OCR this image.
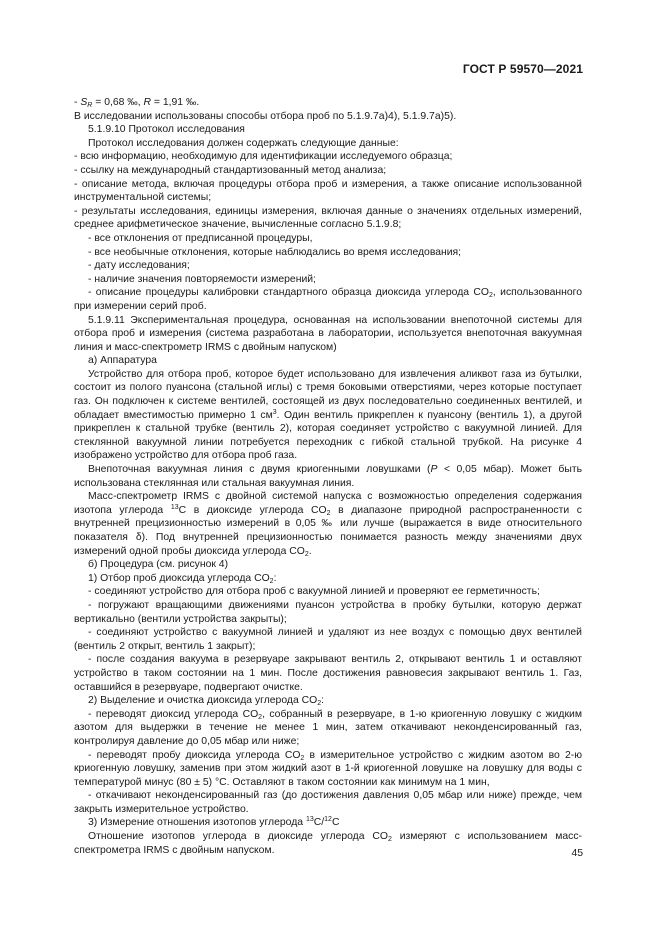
ГОСТ Р 59570—2021

- $S_R = 0,68$ ‰, R = 1,91 ‰.

В исследовании использованы способы отбора проб по 5.1.9.7а)4), 5.1.9.7а)5).

5.1.9.10 Протокол исследования

Протокол исследования должен содержать следующие данные:

- всю информацию, необходимую для идентификации исследуемого образца;

- ссылку на международный стандартизованный метод анализа;

- описание метода, включая процедуры отбора проб и измерения, а также описание использованной инструментальной системы;

- результаты исследования, единицы измерения, включая данные о значениях отдельных измерений, среднее арифметическое значение, вычисленные согласно 5.1.9.8;

- все отклонения от предписанной процедуры,

- все необычные отклонения, которые наблюдались во время исследования;

- дату исследования;

- наличие значения повторяемости измерений;

- описание процедуры калибровки стандартного образца диоксида углерода $CO_2$, использованного при измерении серий проб.

5.1.9.11 Экспериментальная процедура, основанная на использовании внепоточной системы для отбора проб и измерения (система разработана в лаборатории, используется внепоточная вакуумная линия и масс-спектрометр IRMS с двойным напуском)

а) Аппаратура

Устройство для отбора проб, которое будет использовано для извлечения аликвот газа из бутылки, состоит из полого пуансона (стальной иглы) с тремя боковыми отверстиями, через которые поступает газ. Он подключен к системе вентилей, состоящей из двух последовательно соединенных вентилей, и обладает вместимостью примерно 1 $см^3$. Один вентиль прикреплен к пуансону (вентиль 1), а другой прикреплен к стальной трубке (вентиль 2), которая соединяет устройство с вакуумной линией. Для стеклянной вакуумной линии потребуется переходник с гибкой стальной трубкой. На рисунке 4 изображено устройство для отбора проб газа.

Внепоточная вакуумная линия с двумя криогенными ловушками (P < 0,05 мбар). Может быть использована стеклянная или стальная вакуумная линия.

Масс-спектрометр IRMS с двойной системой напуска с возможностью определения содержания изотопа углерода $^{13}$С в диоксиде углерода $CO_2$ в диапазоне природной распространенности с внутренней прецизионностью измерений в 0,05 ‰ или лучше (выражается в виде относительного показателя δ). Под внутренней прецизионностью понимается разность между значениями двух измерений одной пробы диоксида углерода $CO_2$.

б) Процедура (см. рисунок 4)

1) Отбор проб диоксида углерода $CO_2$:

- соединяют устройство для отбора проб с вакуумной линией и проверяют ее герметичность;

- погружают вращающими движениями пуансон устройства в пробку бутылки, которую держат вертикально (вентили устройства закрыты);

- соединяют устройство с вакуумной линией и удаляют из нее воздух с помощью двух вентилей (вентиль 2 открыт, вентиль 1 закрыт);

- после создания вакуума в резервуаре закрывают вентиль 2, открывают вентиль 1 и оставляют устройство в таком состоянии на 1 мин. После достижения равновесия закрывают вентиль 1. Газ, оставшийся в резервуаре, подвергают очистке.

2) Выделение и очистка диоксида углерода $CO_2$:

- переводят диоксид углерода $CO_2$, собранный в резервуаре, в 1-ю криогенную ловушку с жидким азотом для выдержки в течение не менее 1 мин, затем откачивают неконденсированный газ, контролируя давление до 0,05 мбар или ниже;

- переводят пробу диоксида углерода $CO_2$ в измерительное устройство с жидким азотом во 2-ю криогенную ловушку, заменив при этом жидкий азот в 1-й криогенной ловушке на ловушку для воды с температурой минус (80 ± 5) °С. Оставляют в таком состоянии как минимум на 1 мин,

- откачивают неконденсированный газ (до достижения давления 0,05 мбар или ниже) прежде, чем закрыть измерительное устройство.

3) Измерение отношения изотопов углерода $^{13}$С/$^{12}$С

Отношение изотопов углерода в диоксиде углерода $CO_2$ измеряют с использованием масс-спектрометра IRMS с двойным напуском.	45
